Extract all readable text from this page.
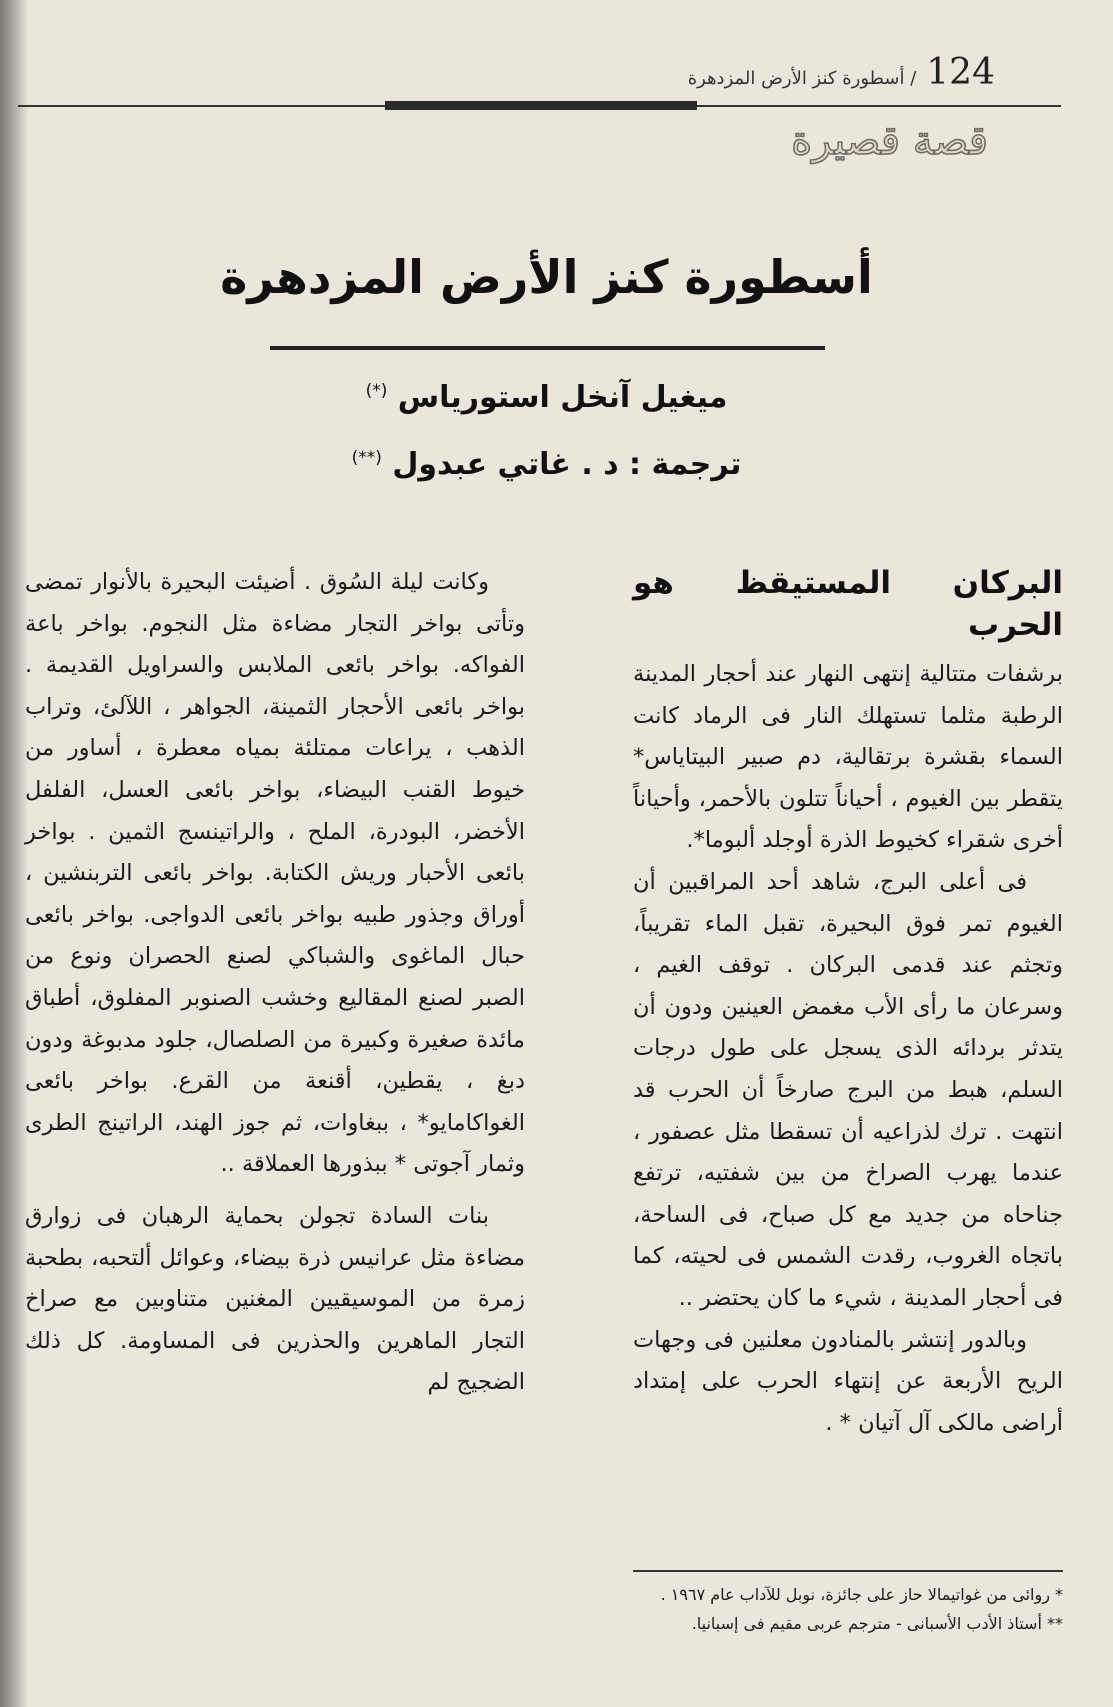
124
/ أسطورة كنز الأرض المزدهرة
قصة قصيرة
أسطورة كنز الأرض المزدهرة
ميغيل آنخل استورياس (*)
ترجمة : د . غاتي عبدول (**)
البركان المستيقظ هو الحرب

برشفات متتالية إنتهى النهار عند أحجار المدينة الرطبة مثلما تستهلك النار فى الرماد كانت السماء بقشرة برتقالية، دم صبير البيتاياس* يتقطر بين الغيوم ، أحياناً تتلون بالأحمر، وأحياناً أخرى شقراء كخيوط الذرة أوجلد ألبوما*.

فى أعلى البرج، شاهد أحد المراقبين أن الغيوم تمر فوق البحيرة، تقبل الماء تقريباً، وتجثم عند قدمى البركان . توقف الغيم ، وسرعان ما رأى الأب مغمض العينين ودون أن يتدثر بردائه الذى يسجل على طول درجات السلم، هبط من البرج صارخاً أن الحرب قد انتهت . ترك لذراعيه أن تسقطا مثل عصفور ، عندما يهرب الصراخ من بين شفتيه، ترتفع جناحاه من جديد مع كل صباح، فى الساحة، باتجاه الغروب، رقدت الشمس فى لحيته، كما فى أحجار المدينة ، شيء ما كان يحتضر ..

وبالدور إنتشر بالمنادون معلنين فى وجهات الريح الأربعة عن إنتهاء الحرب على إمتداد أراضى مالكى آل آتيان * .

وكانت ليلة السُوق . أضيئت البحيرة بالأنوار تمضى وتأتى بواخر التجار مضاءة مثل النجوم. بواخر باعة الفواكه. بواخر بائعى الملابس والسراويل القديمة . بواخر بائعى الأحجار الثمينة، الجواهر ، اللآلئ، وتراب الذهب ، يراعات ممتلئة بمياه معطرة ، أساور من خيوط القنب البيضاء، بواخر بائعى العسل، الفلفل الأخضر، البودرة، الملح ، والراتينسج الثمين . بواخر بائعى الأحبار وريش الكتابة. بواخر بائعى التربنشين ، أوراق وجذور طبيه بواخر بائعى الدواجى. بواخر بائعى حبال الماغوى والشباكي لصنع الحصران ونوع من الصبر لصنع المقاليع وخشب الصنوبر المفلوق، أطباق مائدة صغيرة وكبيرة من الصلصال، جلود مدبوغة ودون دبغ ، يقطين، أقنعة من القرع. بواخر بائعى الغواكامايو* ، ببغاوات، ثم جوز الهند، الراتينج الطرى وثمار آجوتى * ببذورها العملاقة ..

بنات السادة تجولن بحماية الرهبان فى زوارق مضاءة مثل عرانيس ذرة بيضاء، وعوائل ألتحبه، بطحبة زمرة من الموسيقيين المغنين متناوبين مع صراخ التجار الماهرين والحذرين فى المساومة. كل ذلك الضجيج لم

* روائى من غواتيمالا حاز على جائزة، نوبل للآداب عام ١٩٦٧ .

** أستاذ الأدب الأسبانى - مترجم عربى مقيم فى إسبانيا.
